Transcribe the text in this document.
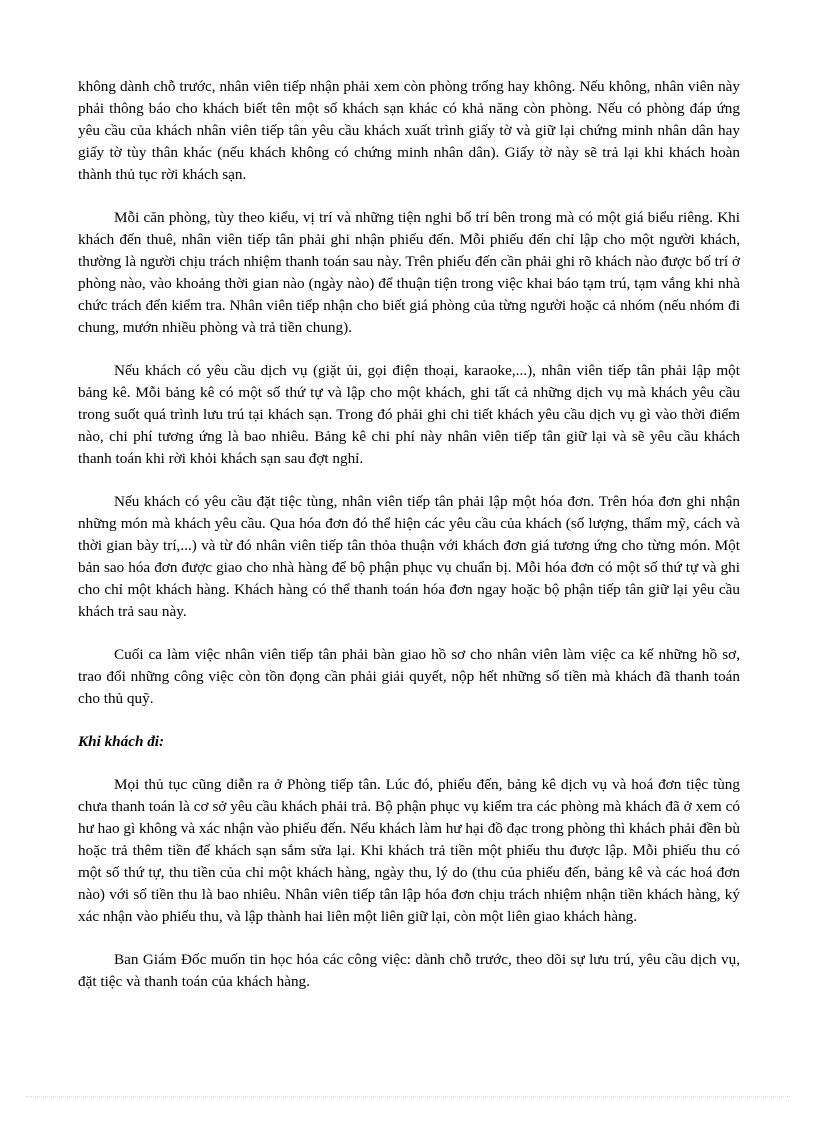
không dành chỗ trước, nhân viên tiếp nhận phải xem còn phòng trống hay không. Nếu không, nhân viên này phải thông báo cho khách biết tên một số khách sạn khác có khả năng còn phòng. Nếu có phòng đáp ứng yêu cầu của khách nhân viên tiếp tân yêu cầu khách xuất trình giấy tờ và giữ lại chứng minh nhân dân hay giấy tờ tùy thân khác (nếu khách không có chứng minh nhân dân). Giấy tờ này sẽ trả lại khi khách hoàn thành thủ tục rời khách sạn.

Mỗi căn phòng, tùy theo kiểu, vị trí và những tiện nghi bố trí bên trong mà có một giá biểu riêng. Khi khách đến thuê, nhân viên tiếp tân phải ghi nhận phiếu đến. Mỗi phiếu đến chỉ lập cho một người khách, thường là người chịu trách nhiệm thanh toán sau này. Trên phiếu đến cần phải ghi rõ khách nào được bố trí ở phòng nào, vào khoảng thời gian nào (ngày nào) để thuận tiện trong việc khai báo tạm trú, tạm vắng khi nhà chức trách đến kiểm tra. Nhân viên tiếp nhận cho biết giá phòng của từng người hoặc cả nhóm (nếu nhóm đi chung, mướn nhiều phòng và trả tiền chung).

Nếu khách có yêu cầu dịch vụ (giặt ủi, gọi điện thoại, karaoke,...), nhân viên tiếp tân phải lập một bảng kê. Mỗi bảng kê có một số thứ tự và lập cho một khách, ghi tất cả những dịch vụ mà khách yêu cầu trong suốt quá trình lưu trú tại khách sạn. Trong đó phải ghi chi tiết khách yêu cầu dịch vụ gì vào thời điểm nào, chi phí tương ứng là bao nhiêu. Bảng kê chi phí này nhân viên tiếp tân giữ lại và sẽ yêu cầu khách thanh toán khi rời khỏi khách sạn sau đợt nghỉ.

Nếu khách có yêu cầu đặt tiệc tùng, nhân viên tiếp tân phải lập một hóa đơn. Trên hóa đơn ghi nhận những món mà khách yêu cầu. Qua hóa đơn đó thể hiện các yêu cầu của khách (số lượng, thẩm mỹ, cách và thời gian bày trí,...) và từ đó nhân viên tiếp tân thỏa thuận với khách đơn giá tương ứng cho từng món. Một bản sao hóa đơn được giao cho nhà hàng để bộ phận phục vụ chuẩn bị. Mỗi hóa đơn có một số thứ tự và ghi cho chỉ một khách hàng. Khách hàng có thể thanh toán hóa đơn ngay hoặc bộ phận tiếp tân giữ lại yêu cầu khách trả sau này.

Cuối ca làm việc nhân viên tiếp tân phải bàn giao hồ sơ cho nhân viên làm việc ca kế những hồ sơ, trao đổi những công việc còn tồn đọng cần phải giải quyết, nộp hết những số tiền mà khách đã thanh toán cho thủ quỹ.

Khi khách đi:

Mọi thủ tục cũng diễn ra ở Phòng tiếp tân. Lúc đó, phiếu đến, bảng kê dịch vụ và hoá đơn tiệc tùng chưa thanh toán là cơ sở yêu cầu khách phải trả. Bộ phận phục vụ kiểm tra các phòng mà khách đã ở xem có hư hao gì không và xác nhận vào phiếu đến. Nếu khách làm hư hại đồ đạc trong phòng thì khách phải đền bù hoặc trả thêm tiền để khách sạn sắm sửa lại. Khi khách trả tiền một phiếu thu được lập. Mỗi phiếu thu có một số thứ tự, thu tiền của chỉ một khách hàng, ngày thu, lý do (thu của phiếu đến, bảng kê và các hoá đơn nào) với số tiền thu là bao nhiêu. Nhân viên tiếp tân lập hóa đơn chịu trách nhiệm nhận tiền khách hàng, ký xác nhận vào phiếu thu, và lập thành hai liên một liên giữ lại, còn một liên giao khách hàng.

Ban Giám Đốc muốn tin học hóa các công việc: dành chỗ trước, theo dõi sự lưu trú, yêu cầu dịch vụ, đặt tiệc và thanh toán của khách hàng.
